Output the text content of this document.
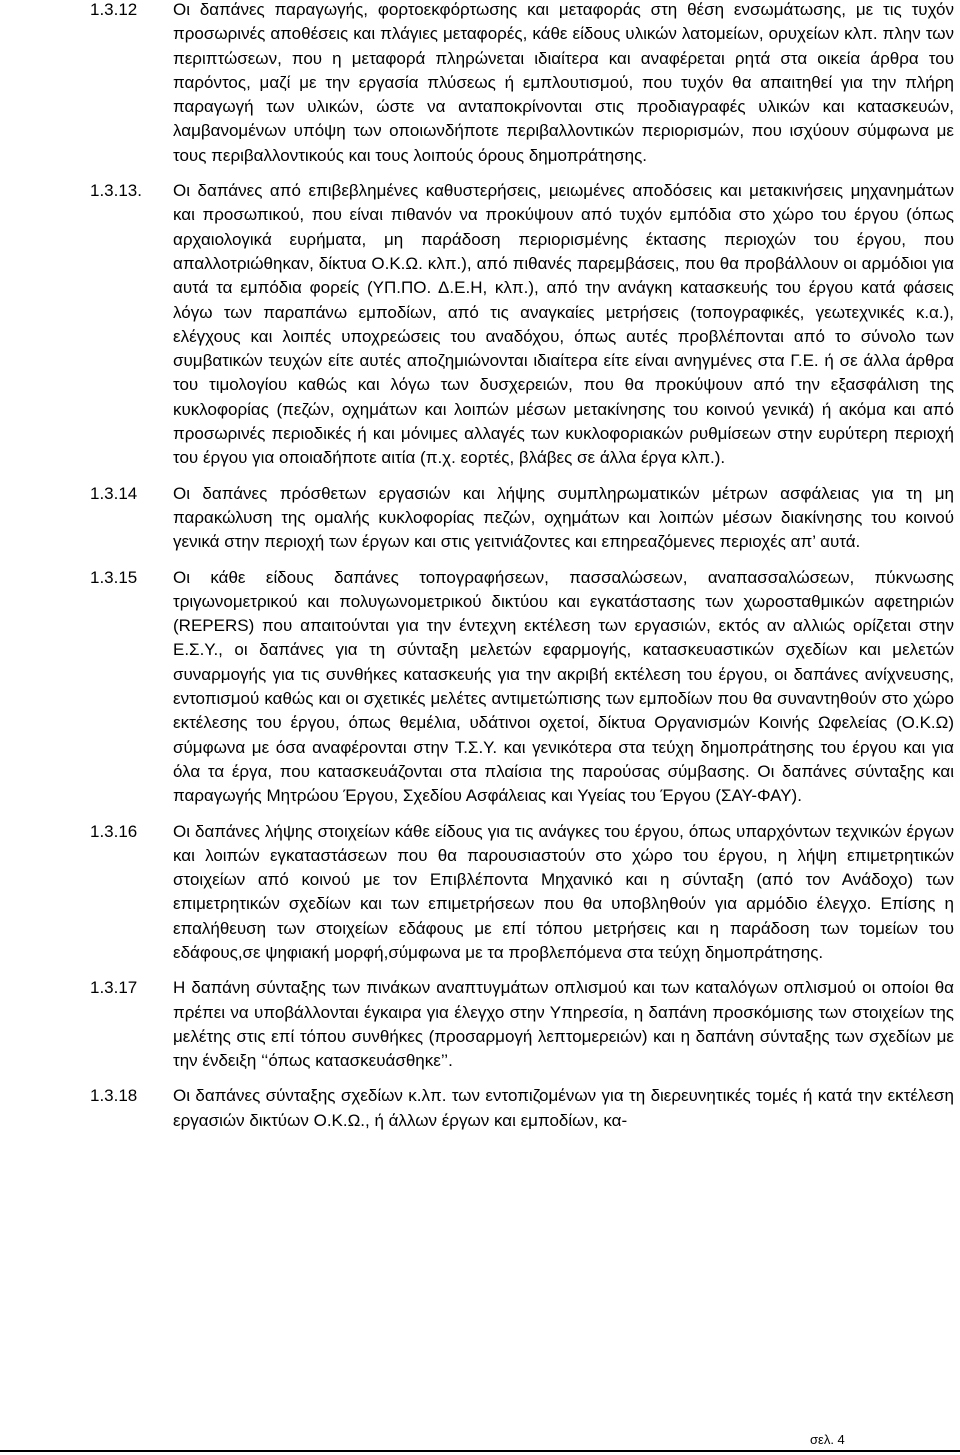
1.3.12 Οι δαπάνες παραγωγής, φορτοεκφόρτωσης και μεταφοράς στη θέση ενσωμάτωσης, με τις τυχόν προσωρινές αποθέσεις και πλάγιες μεταφορές, κάθε είδους υλικών λατομείων, ορυχείων κλπ. πλην των περιπτώσεων, που η μεταφορά πληρώνεται ιδιαίτερα και αναφέρεται ρητά στα οικεία άρθρα του παρόντος, μαζί με την εργασία πλύσεως ή εμπλουτισμού, που τυχόν θα απαιτηθεί για την πλήρη παραγωγή των υλικών, ώστε να ανταποκρίνονται στις προδιαγραφές υλικών και κατασκευών, λαμβανομένων υπόψη των οποιωνδήποτε περιβαλλοντικών περιορισμών, που ισχύουν σύμφωνα με τους περιβαλλοντικούς και τους λοιπούς όρους δημοπράτησης.
1.3.13. Οι δαπάνες από επιβεβλημένες καθυστερήσεις, μειωμένες αποδόσεις και μετακινήσεις μηχανημάτων και προσωπικού, που είναι πιθανόν να προκύψουν από τυχόν εμπόδια στο χώρο του έργου (όπως αρχαιολογικά ευρήματα, μη παράδοση περιορισμένης έκτασης περιοχών του έργου, που απαλλοτριώθηκαν, δίκτυα Ο.Κ.Ω. κλπ.), από πιθανές παρεμβάσεις, που θα προβάλλουν οι αρμόδιοι για αυτά τα εμπόδια φορείς (ΥΠ.ΠΟ. Δ.Ε.Η, κλπ.), από την ανάγκη κατασκευής του έργου κατά φάσεις λόγω των παραπάνω εμποδίων, από τις αναγκαίες μετρήσεις (τοπογραφικές, γεωτεχνικές κ.α.), ελέγχους και λοιπές υποχρεώσεις του αναδόχου, όπως αυτές προβλέπονται από το σύνολο των συμβατικών τευχών είτε αυτές αποζημιώνονται ιδιαίτερα είτε είναι ανηγμένες στα Γ.Ε. ή σε άλλα άρθρα του τιμολογίου καθώς και λόγω των δυσχερειών, που θα προκύψουν από την εξασφάλιση της κυκλοφορίας (πεζών, οχημάτων και λοιπών μέσων μετακίνησης του κοινού γενικά) ή ακόμα και από προσωρινές περιοδικές ή και μόνιμες αλλαγές των κυκλοφοριακών ρυθμίσεων στην ευρύτερη περιοχή του έργου για οποιαδήποτε αιτία (π.χ. εορτές, βλάβες σε άλλα έργα κλπ.).
1.3.14 Οι δαπάνες πρόσθετων εργασιών και λήψης συμπληρωματικών μέτρων ασφάλειας για τη μη παρακώλυση της ομαλής κυκλοφορίας πεζών, οχημάτων και λοιπών μέσων διακίνησης του κοινού γενικά στην περιοχή των έργων και στις γειτνιάζοντες και επηρεαζόμενες περιοχές απ’ αυτά.
1.3.15 Οι κάθε είδους δαπάνες τοπογραφήσεων, πασσαλώσεων, αναπασσαλώσεων, πύκνωσης τριγωνομετρικού και πολυγωνομετρικού δικτύου και εγκατάστασης των χωροσταθμικών αφετηριών (REPERS) που απαιτούνται για την έντεχνη εκτέλεση των εργασιών, εκτός αν αλλιώς ορίζεται στην Ε.Σ.Υ., οι δαπάνες για τη σύνταξη μελετών εφαρμογής, κατασκευαστικών σχεδίων και μελετών συναρμογής για τις συνθήκες κατασκευής για την ακριβή εκτέλεση του έργου, οι δαπάνες ανίχνευσης, εντοπισμού καθώς και οι σχετικές μελέτες αντιμετώπισης των εμποδίων που θα συναντηθούν στο χώρο εκτέλεσης του έργου, όπως θεμέλια, υδάτινοι οχετοί, δίκτυα Οργανισμών Κοινής Ωφελείας (Ο.Κ.Ω) σύμφωνα με όσα αναφέρονται στην Τ.Σ.Υ. και γενικότερα στα τεύχη δημοπράτησης του έργου και για όλα τα έργα, που κατασκευάζονται στα πλαίσια της παρούσας σύμβασης. Οι δαπάνες σύνταξης και παραγωγής Μητρώου Έργου, Σχεδίου Ασφάλειας και Υγείας του Έργου (ΣΑΥ-ΦΑΥ).
1.3.16 Οι δαπάνες λήψης στοιχείων κάθε είδους για τις ανάγκες του έργου, όπως υπαρχόντων τεχνικών έργων και λοιπών εγκαταστάσεων που θα παρουσιαστούν στο χώρο του έργου, η λήψη επιμετρητικών στοιχείων από κοινού με τον Επιβλέποντα Μηχανικό και η σύνταξη (από τον Ανάδοχο) των επιμετρητικών σχεδίων και των επιμετρήσεων που θα υποβληθούν για αρμόδιο έλεγχο. Επίσης η επαλήθευση των στοιχείων εδάφους με επί τόπου μετρήσεις και η παράδοση των τομείων του εδάφους,σε ψηφιακή μορφή,σύμφωνα με τα προβλεπόμενα στα τεύχη δημοπράτησης.
1.3.17 Η δαπάνη σύνταξης των πινάκων αναπτυγμάτων οπλισμού και των καταλόγων οπλισμού οι οποίοι θα πρέπει να υποβάλλονται έγκαιρα για έλεγχο στην Υπηρεσία, η δαπάνη προσκόμισης των στοιχείων της μελέτης στις επί τόπου συνθήκες (προσαρμογή λεπτομερειών) και η δαπάνη σύνταξης των σχεδίων με την ένδειξη ‘‘όπως κατασκευάσθηκε’’.
1.3.18 Οι δαπάνες σύνταξης σχεδίων κ.λπ. των εντοπιζομένων για τη διερευνητικές τομές ή κατά την εκτέλεση εργασιών δικτύων Ο.Κ.Ω., ή άλλων έργων και εμποδίων, κα-
σελ. 4
